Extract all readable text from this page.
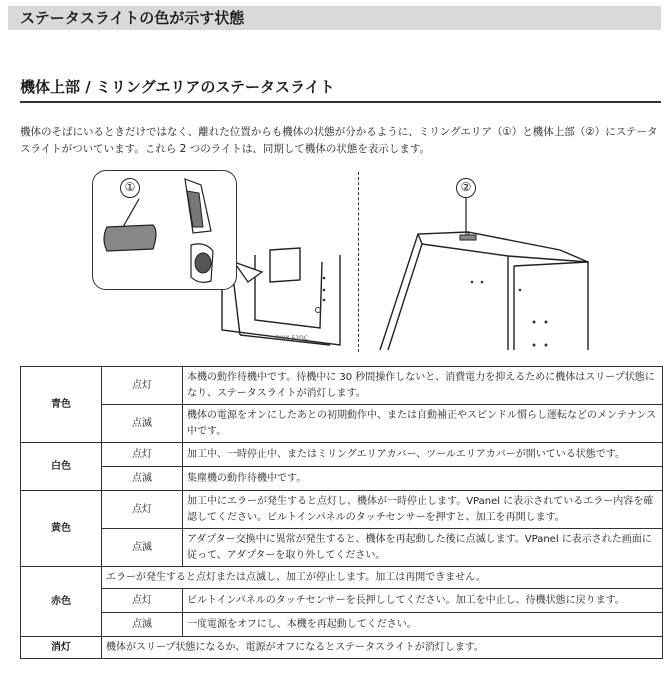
ステータスライトの色が示す状態
機体上部 / ミリングエリアのステータスライト
機体のそばにいるときだけではなく、離れた位置からも機体の状態が分かるように、ミリングエリア（①）と機体上部（②）にステータスライトがついています。これら 2 つのライトは、同期して機体の状態を表示します。
DWX-52DC
①	②
青色	点灯	本機の動作待機中です。待機中に 30 秒間操作しないと、消費電力を抑えるために機体はスリープ状態になり、ステータスライトが消灯します。
	点滅	機体の電源をオンにしたあとの初期動作中、または自動補正やスピンドル慣らし運転などのメンテナンス中です。
白色	点灯	加工中、一時停止中、またはミリングエリアカバー、ツールエリアカバーが開いている状態です。
	点滅	集塵機の動作待機中です。
黄色	点灯	加工中にエラーが発生すると点灯し、機体が一時停止します。VPanel に表示されているエラー内容を確認してください。ビルトインパネルのタッチセンサーを押すと、加工を再開します。
	点滅	アダプター交換中に異常が発生すると、機体を再起動した後に点滅します。VPanel に表示された画面に従って、アダプターを取り外してください。
赤色	エラーが発生すると点灯または点滅し、加工が停止します。加工は再開できません。	
	点灯	ビルトインパネルのタッチセンサーを長押ししてください。加工を中止し、待機状態に戻ります。
	点滅	一度電源をオフにし、本機を再起動してください。
消灯	機体がスリープ状態になるか、電源がオフになるとステータスライトが消灯します。	
